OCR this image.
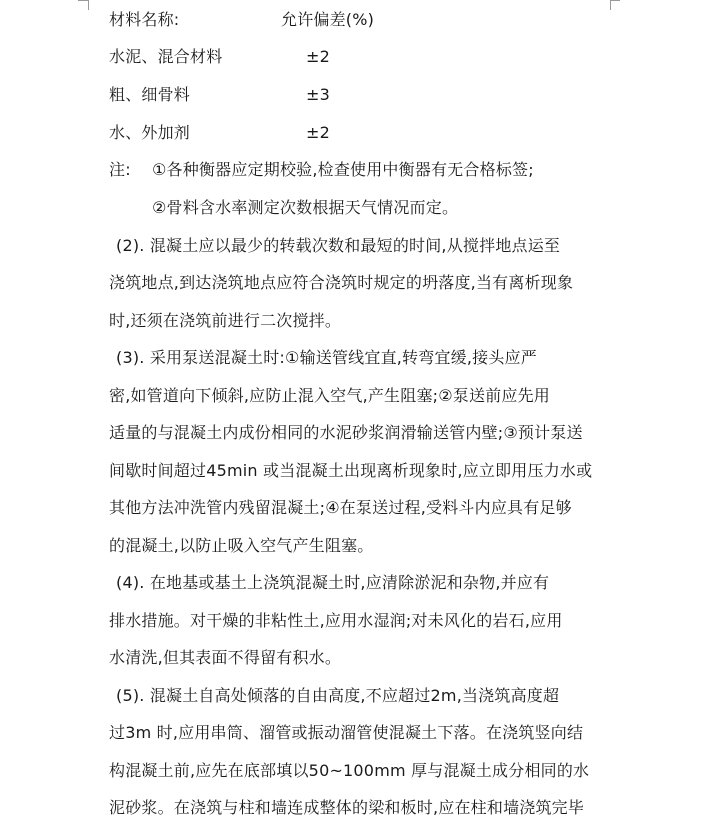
材料名称:	允许偏差(%)
水泥、混合材料	±2
粗、细骨料	±3
水、外加剂	±2
注: ①各种衡器应定期校验,检查使用中衡器有无合格标签;
②骨料含水率测定次数根据天气情况而定。
(2). 混凝土应以最少的转载次数和最短的时间,从搅拌地点运至
浇筑地点,到达浇筑地点应符合浇筑时规定的坍落度,当有离析现象
时,还须在浇筑前进行二次搅拌。
(3). 采用泵送混凝土时:①输送管线宜直,转弯宜缓,接头应严
密,如管道向下倾斜,应防止混入空气,产生阻塞;②泵送前应先用
适量的与混凝土内成份相同的水泥砂浆润滑输送管内壁;③预计泵送
间歇时间超过45min 或当混凝土出现离析现象时,应立即用压力水或
其他方法冲洗管内残留混凝土;④在泵送过程,受料斗内应具有足够
的混凝土,以防止吸入空气产生阻塞。
(4). 在地基或基土上浇筑混凝土时,应清除淤泥和杂物,并应有
排水措施。对干燥的非粘性土,应用水湿润;对未风化的岩石,应用
水清洗,但其表面不得留有积水。
(5). 混凝土自高处倾落的自由高度,不应超过2m,当浇筑高度超
过3m 时,应用串筒、溜管或振动溜管使混凝土下落。在浇筑竖向结
构混凝土前,应先在底部填以50~100mm 厚与混凝土成分相同的水
泥砂浆。在浇筑与柱和墙连成整体的梁和板时,应在柱和墙浇筑完毕
